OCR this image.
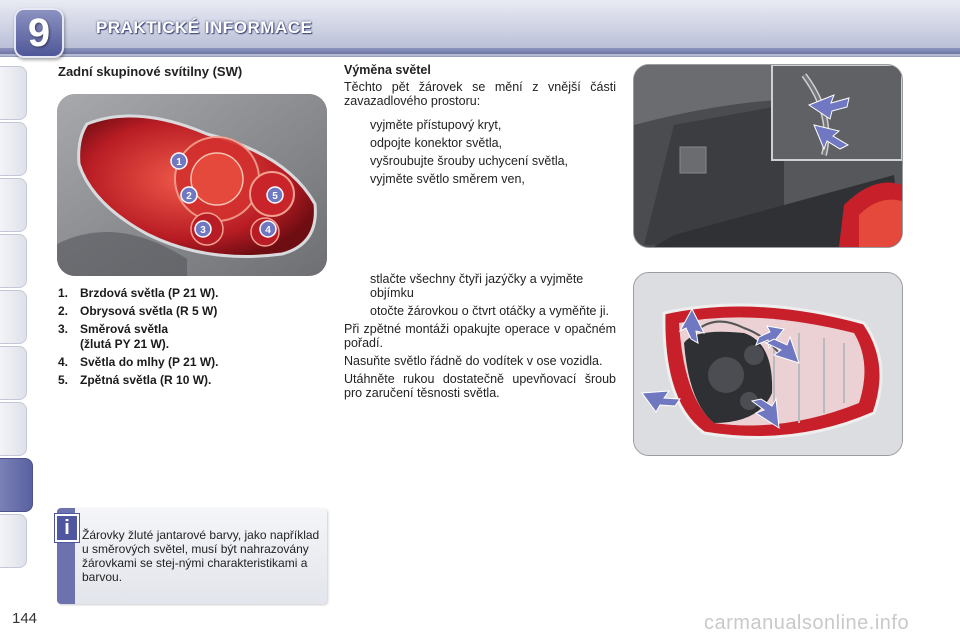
9	PRAKTICKÉ INFORMACE
Zadní skupinové svítilny (SW)
1
2
3	4
5
1. Brzdová světla (P 21 W).
2. Obrysová světla (R 5 W)
3. Směrová světla
(žlutá PY 21 W).
4. Světla do mlhy (P 21 W).
5. Zpětná světla (R 10 W).
i	Žárovky žluté jantarové barvy, jako například u směrových světel, musí být nahrazovány žárovkami se stej-nými charakteristikami a barvou.

Výměna světel

Těchto pět žárovek se mění z vnější části zavazadlového prostoru:

vyjměte přístupový kryt,
odpojte konektor světla,
vyšroubujte šrouby uchycení světla,
vyjměte světlo směrem ven,
stlačte všechny čtyři jazýčky a vyjměte objímku
otočte žárovkou o čtvrt otáčky a vyměňte ji.

Při zpětné montáži opakujte operace v opačném pořadí.

Nasuňte světlo řádně do vodítek v ose vozidla.

Utáhněte rukou dostatečně upevňovací šroub pro zaručení těsnosti světla.

144	carmanualsonline.info
